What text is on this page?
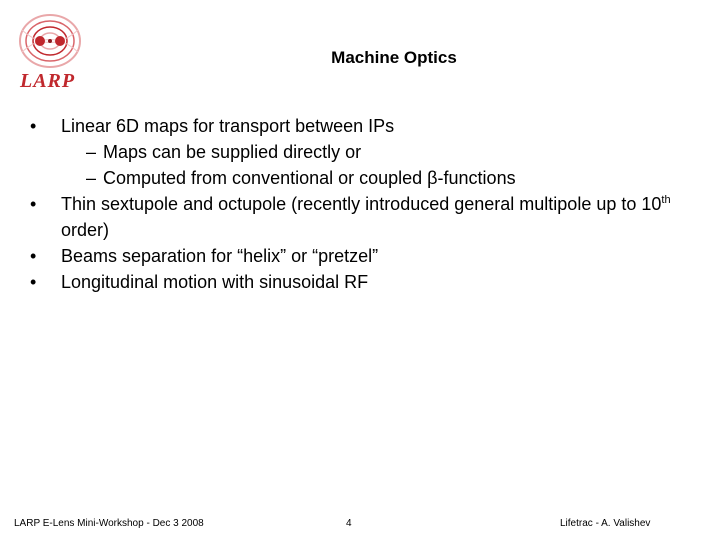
LARP
Machine Optics
•	Linear 6D maps for transport between IPs
– Maps can be supplied directly or
– Computed from conventional or coupled β-functions
•	Thin sextupole and octupole (recently introduced general multipole up to 10th order)
•	Beams separation for “helix” or “pretzel”
•	Longitudinal motion with sinusoidal RF
LARP E-Lens Mini-Workshop - Dec 3 2008	4	Lifetrac - A. Valishev
